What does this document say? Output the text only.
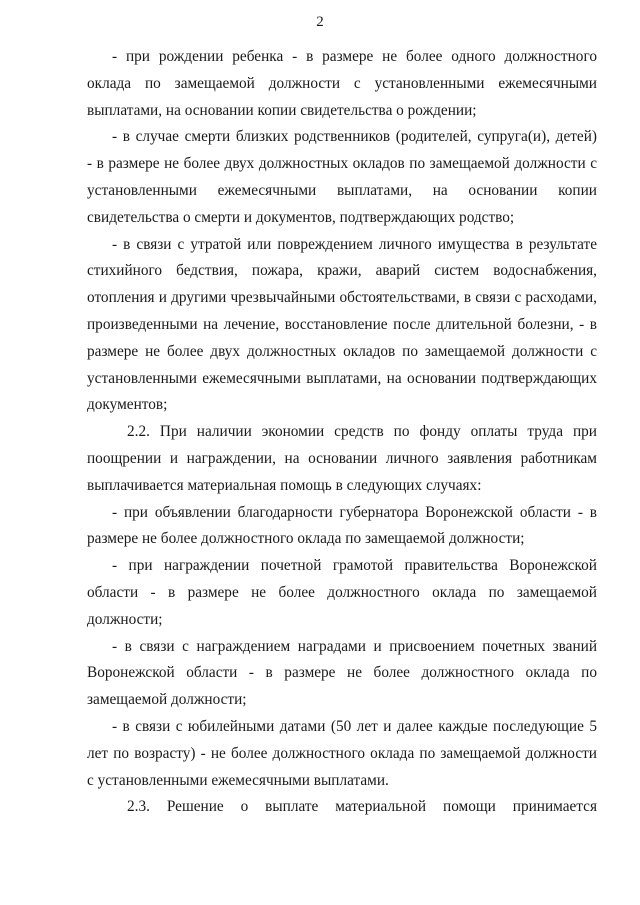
2
- при рождении ребенка - в размере не более одного должностного
оклада по замещаемой должности с установленными ежемесячными
выплатами, на основании копии свидетельства о рождении;
- в случае смерти близких родственников (родителей, супруга(и), детей)
- в размере не более двух должностных окладов по замещаемой должности с
установленными ежемесячными выплатами, на основании копии
свидетельства о смерти и документов, подтверждающих родство;
- в связи с утратой или повреждением личного имущества в результате
стихийного бедствия, пожара, кражи, аварий систем водоснабжения,
отопления и другими чрезвычайными обстоятельствами, в связи с расходами,
произведенными на лечение, восстановление после длительной болезни, - в
размере не более двух должностных окладов по замещаемой должности с
установленными ежемесячными выплатами, на основании подтверждающих
документов;
2.2. При наличии экономии средств по фонду оплаты труда при
поощрении и награждении, на основании личного заявления работникам
выплачивается материальная помощь в следующих случаях:
- при объявлении благодарности губернатора Воронежской области - в
размере не более должностного оклада по замещаемой должности;
- при награждении почетной грамотой правительства Воронежской
области - в размере не более должностного оклада по замещаемой
должности;
- в связи с награждением наградами и присвоением почетных званий
Воронежской области - в размере не более должностного оклада по
замещаемой должности;
- в связи с юбилейными датами (50 лет и далее каждые последующие 5
лет по возрасту) - не более должностного оклада по замещаемой должности
с установленными ежемесячными выплатами.
2.3. Решение о выплате материальной помощи принимается
